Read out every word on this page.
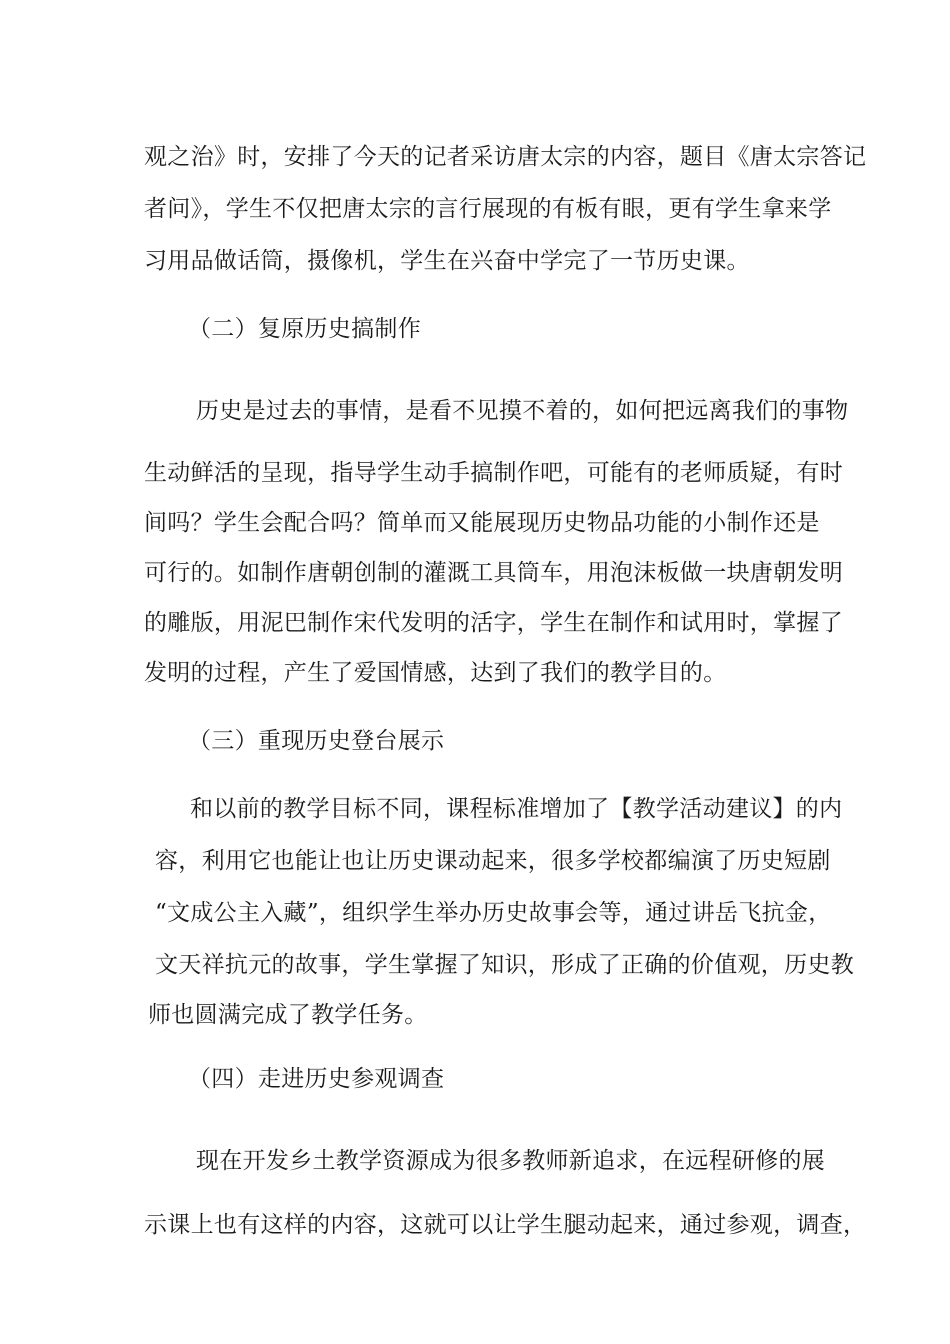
观之治》时，安排了今天的记者采访唐太宗的内容，题目《唐太宗答记

者问》，学生不仅把唐太宗的言行展现的有板有眼，更有学生拿来学

习用品做话筒，摄像机，学生在兴奋中学完了一节历史课。

（二）复原历史搞制作

历史是过去的事情，是看不见摸不着的，如何把远离我们的事物

生动鲜活的呈现，指导学生动手搞制作吧，可能有的老师质疑，有时

间吗？学生会配合吗？简单而又能展现历史物品功能的小制作还是

可行的。如制作唐朝创制的灌溉工具筒车，用泡沫板做一块唐朝发明

的雕版，用泥巴制作宋代发明的活字，学生在制作和试用时，掌握了

发明的过程，产生了爱国情感，达到了我们的教学目的。

（三）重现历史登台展示

和以前的教学目标不同，课程标准增加了【教学活动建议】的内

容，利用它也能让也让历史课动起来，很多学校都编演了历史短剧

“文成公主入藏”，组织学生举办历史故事会等，通过讲岳飞抗金，

文天祥抗元的故事，学生掌握了知识，形成了正确的价值观，历史教

师也圆满完成了教学任务。

（四）走进历史参观调查

现在开发乡土教学资源成为很多教师新追求，在远程研修的展

示课上也有这样的内容，这就可以让学生腿动起来，通过参观，调查，
